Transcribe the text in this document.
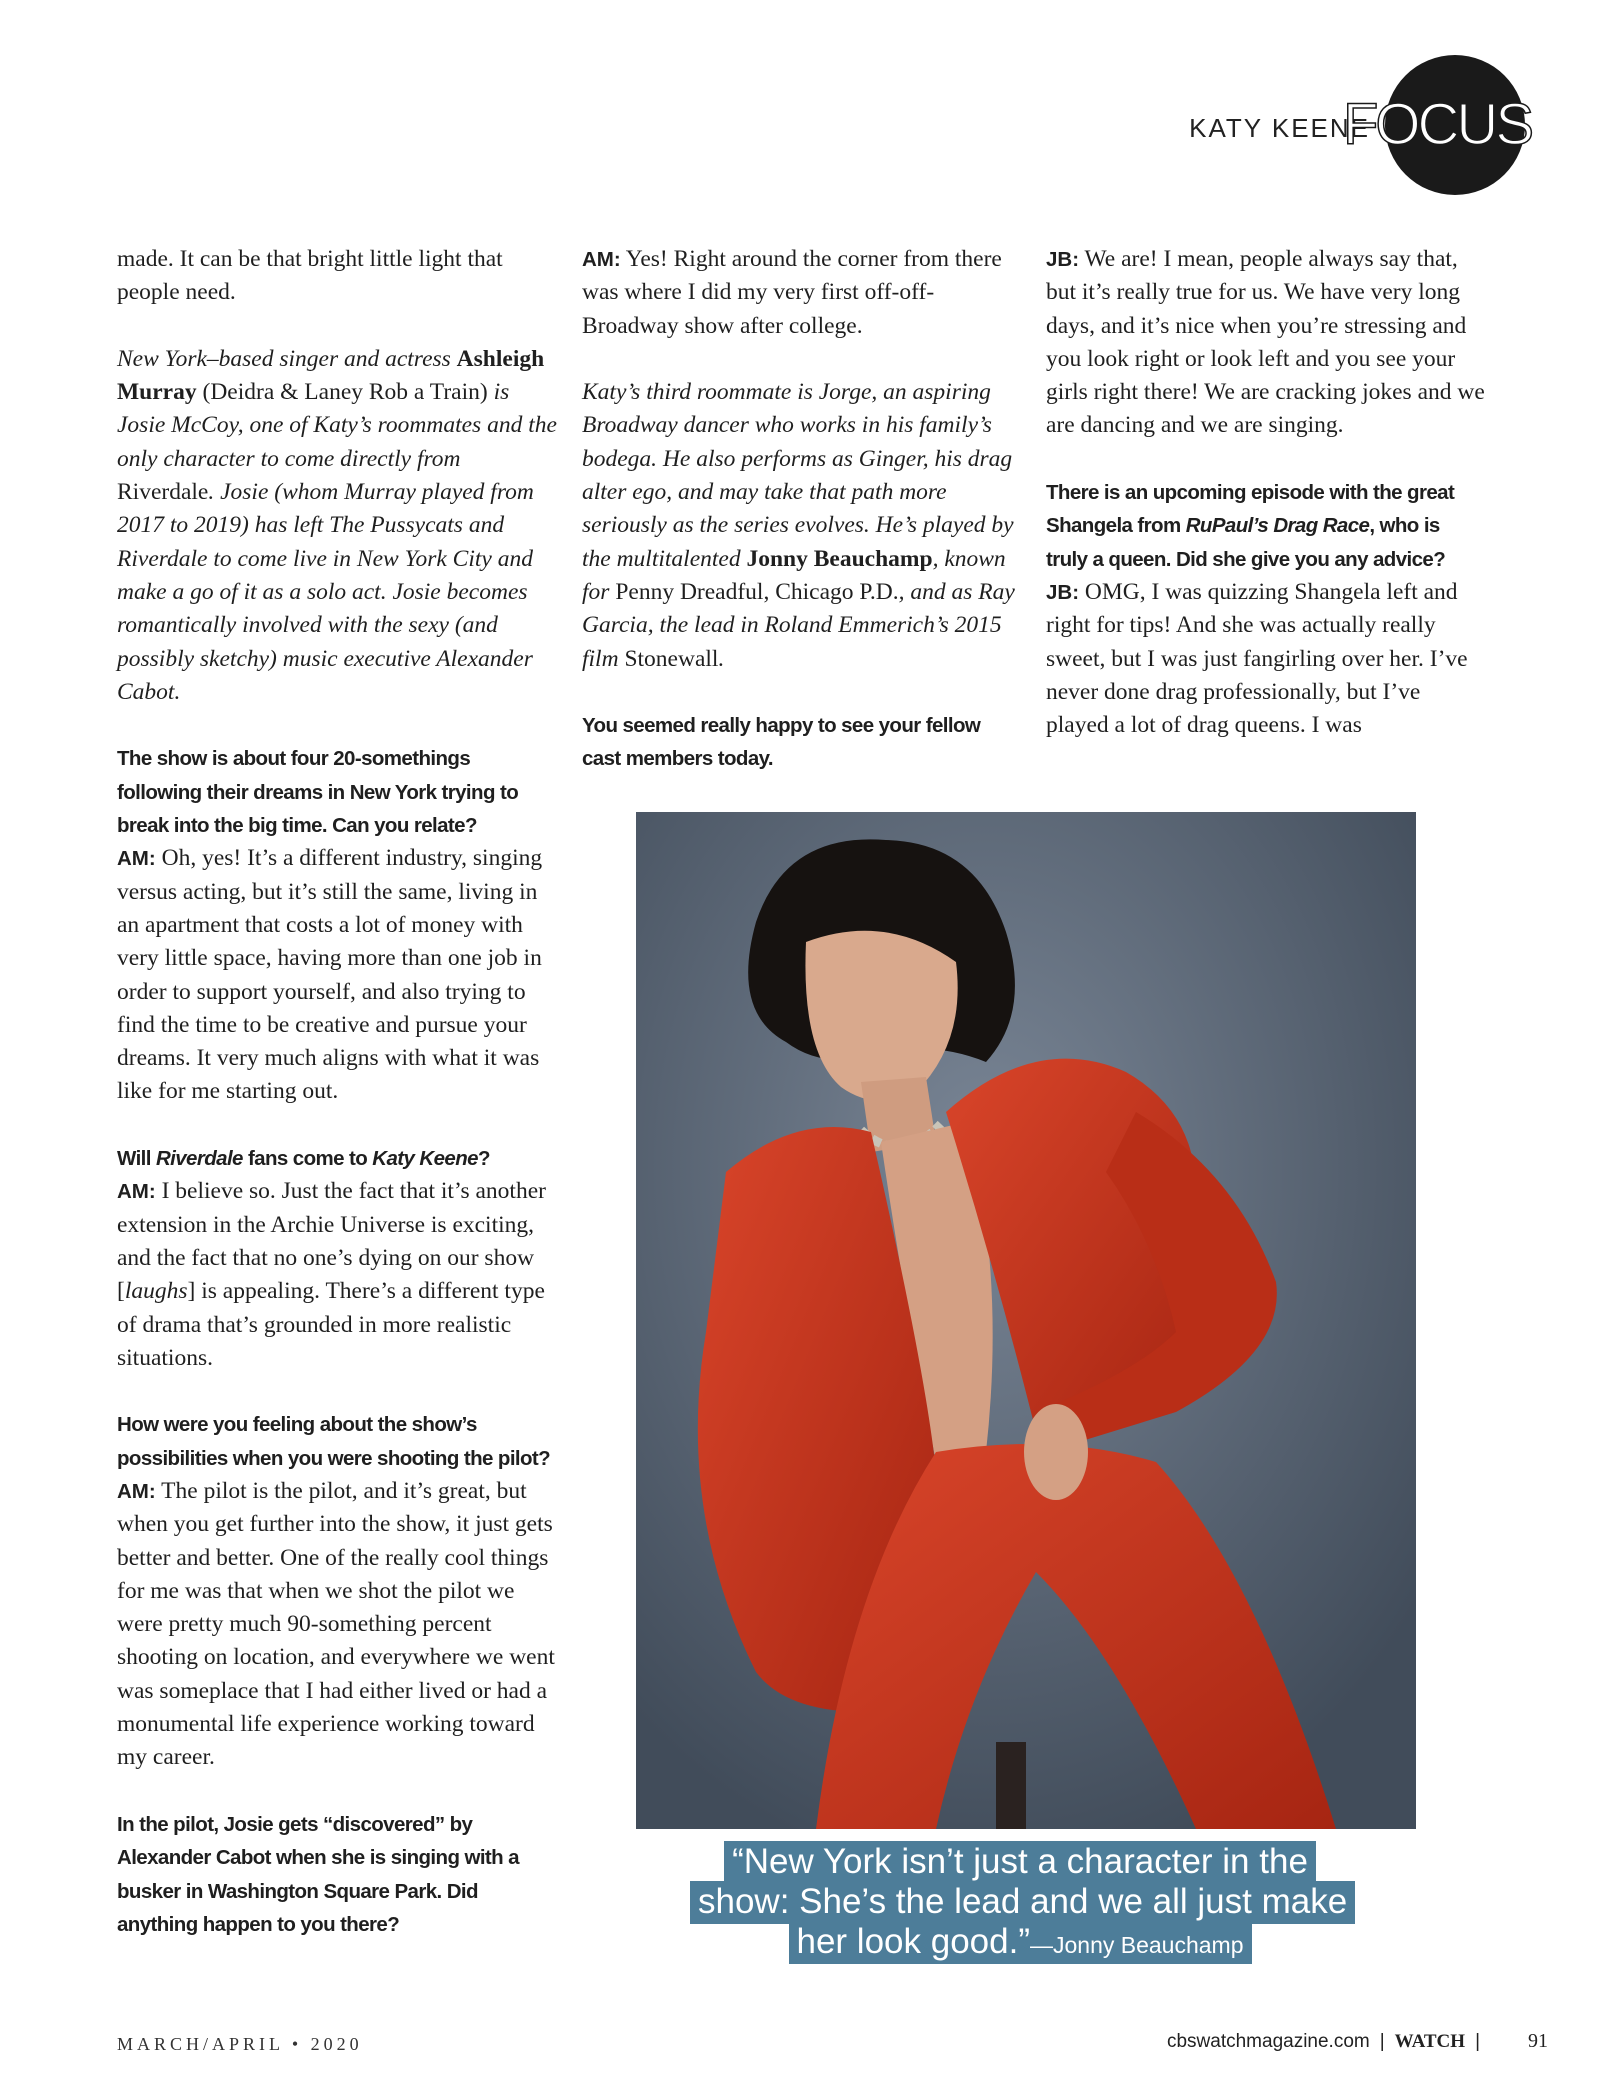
KATY KEENE
FOCUS

made. It can be that bright little light that people need.

New York–based singer and actress Ashleigh Murray (Deidra & Laney Rob a Train) is Josie McCoy, one of Katy’s roommates and the only character to come directly from Riverdale. Josie (whom Murray played from 2017 to 2019) has left The Pussycats and Riverdale to come live in New York City and make a go of it as a solo act. Josie becomes romantically involved with the sexy (and possibly sketchy) music executive Alexander Cabot.

The show is about four 20-somethings following their dreams in New York trying to break into the big time. Can you relate?

AM: Oh, yes! It’s a different industry, singing versus acting, but it’s still the same, living in an apartment that costs a lot of money with very little space, having more than one job in order to support yourself, and also trying to find the time to be creative and pursue your dreams. It very much aligns with what it was like for me starting out.

Will Riverdale fans come to Katy Keene?

AM: I believe so. Just the fact that it’s another extension in the Archie Universe is exciting, and the fact that no one’s dying on our show [laughs] is appealing. There’s a different type of drama that’s grounded in more realistic situations.

How were you feeling about the show’s possibilities when you were shooting the pilot?

AM: The pilot is the pilot, and it’s great, but when you get further into the show, it just gets better and better. One of the really cool things for me was that when we shot the pilot we were pretty much 90-something percent shooting on location, and everywhere we went was someplace that I had either lived or had a monumental life experience working toward my career.

In the pilot, Josie gets “discovered” by Alexander Cabot when she is singing with a busker in Washington Square Park. Did anything happen to you there?

AM: Yes! Right around the corner from there was where I did my very first off-off-Broadway show after college.

Katy’s third roommate is Jorge, an aspiring Broadway dancer who works in his family’s bodega. He also performs as Ginger, his drag alter ego, and may take that path more seriously as the series evolves. He’s played by the multitalented Jonny Beauchamp, known for Penny Dreadful, Chicago P.D., and as Ray Garcia, the lead in Roland Emmerich’s 2015 film Stonewall.

You seemed really happy to see your fellow cast members today.

JB: We are! I mean, people always say that, but it’s really true for us. We have very long days, and it’s nice when you’re stressing and you look right or look left and you see your girls right there! We are cracking jokes and we are dancing and we are singing.

There is an upcoming episode with the great Shangela from RuPaul’s Drag Race, who is truly a queen. Did she give you any advice?

JB: OMG, I was quizzing Shangela left and right for tips! And she was actually really sweet, but I was just fangirling over her. I’ve never done drag professionally, but I’ve played a lot of drag queens. I was

“New York isn’t just a character in the show: She’s the lead and we all just make her look good.”—Jonny Beauchamp
MARCH/APRIL • 2020	cbswatchmagazine.com | WATCH | 91
